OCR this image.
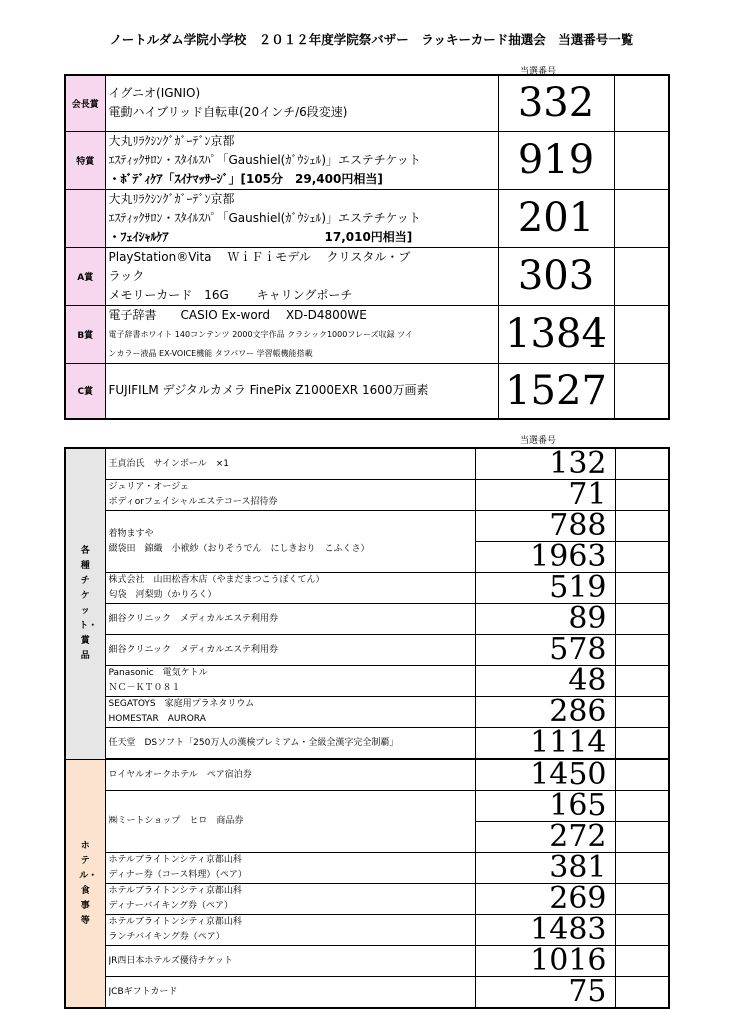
ノートルダム学院小学校　２０１２年度学院祭バザー　ラッキーカード抽選会　当選番号一覧
当選番号
会長賞	イグニオ(IGNIO)
電動ハイブリッド自転車(20インチ/6段変速)	332	
特賞	大丸ﾘﾗｸｼﾝｸﾞｶﾞｰﾃﾞﾝ京都
ｴｽﾃｨｯｸｻﾛﾝ・ｽﾀｲﾙｽﾊﾟ「Gaushiel(ｶﾞｳｼｪﾙ)」エステチケット
・ﾎﾞﾃﾞｨｹｱ「ｽｲﾅﾏｯｻｰｼﾞ」[105分　29,400円相当]	919	

	大丸ﾘﾗｸｼﾝｸﾞｶﾞｰﾃﾞﾝ京都
ｴｽﾃｨｯｸｻﾛﾝ・ｽﾀｲﾙｽﾊﾟ「Gaushiel(ｶﾞｳｼｪﾙ)」エステチケット
・ﾌｪｲｼｬﾙｹｱ　　　　　　　　　　　　　17,010円相当]	201	
A賞	PlayStation®Vita　 ＷｉＦｉモデル　 クリスタル・ブ
ラック
メモリーカード　16G　　 キャリングポーチ	303	
B賞	電子辞書　　CASIO Ex-word　 XD-D4800WE
電子辞書ホワイト 140コンテンツ 2000文字作品 クラシック1000フレーズ収録 ツイ
ンカラー液晶 EX-VOICE機能 タフパワー 学習帳機能搭載	1384	
C賞	FUJIFILM デジタルカメラ FinePix Z1000EXR 1600万画素	1527	
当選番号
各種チケット・賞品	王貞治氏　サインボール　×1	132	

	ジュリア・オージェ
ボディorフェイシャルエステコース招待券	71	

	着物ますや
綴袋田　錦織　小袱紗（おりそうでん　にしきおり　こふくさ）	788	
		1963	

	株式会社　山田松香木店（やまだまつこうぼくてん）
匂袋　河梨勁（かりろく）	519	

	細谷クリニック　メディカルエステ利用券	89	

	細谷クリニック　メディカルエステ利用券	578	

	Panasonic　電気ケトル
ＮＣ－ＫＴ０８１	48	

	SEGATOYS　家庭用プラネタリウム
HOMESTAR　AURORA	286	

	任天堂　DSソフト「250万人の漢検プレミアム・全級全漢字完全制覇」	1114	

ホテル・食事等	ロイヤルオークホテル　ペア宿泊券	1450	

	㈱ミートショップ　ヒロ　商品券	165	
		272	

	ホテルブライトンシティ京都山科
ディナー券（コース料理）（ペア）	381	

	ホテルブライトンシティ京都山科
ディナーバイキング券（ペア）	269	

	ホテルブライトンシティ京都山科
ランチバイキング券（ペア）	1483	

	JR西日本ホテルズ優待チケット	1016	

	JCBギフトカード	75	
